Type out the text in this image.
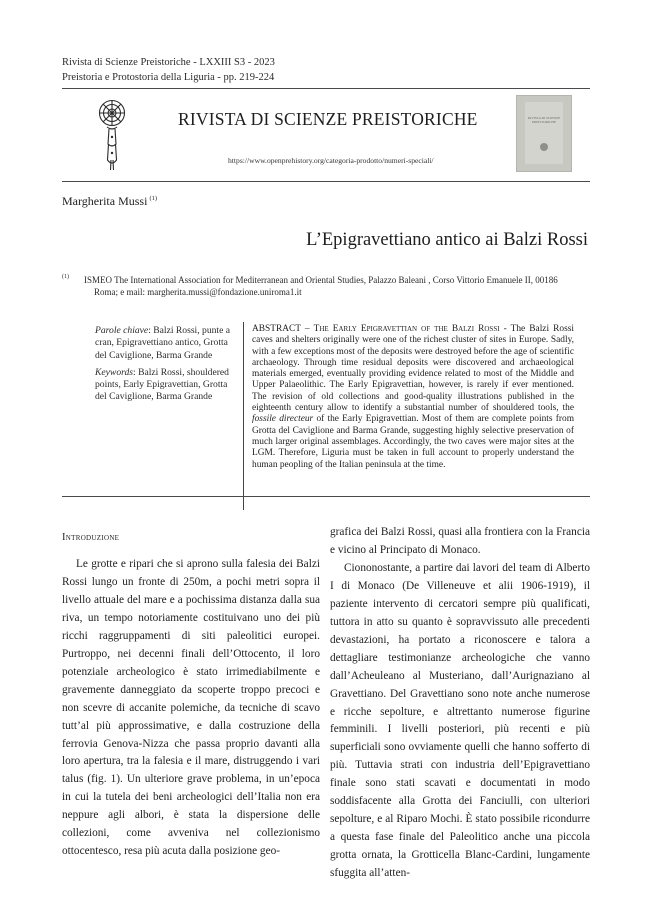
Rivista di Scienze Preistoriche - LXXIII S3 - 2023
Preistoria e Protostoria della Liguria - pp. 219-224
RIVISTA DI SCIENZE PREISTORICHE
https://www.openprehistory.org/categoria-prodotto/numeri-speciali/
RIVISTA DI SCIENZE PREISTORICHE
Margherita Mussi $^{(1)}$
L’Epigravettiano antico ai Balzi Rossi
(1)	ISMEO The International Association for Mediterranean and Oriental Studies, Palazzo Baleani , Corso Vittorio Emanuele II, 00186
Roma; e mail: margherita.mussi@fondazione.uniroma1.it
Parole chiave: Balzi Rossi, punte a cran, Epigravettiano antico, Grotta del Caviglione, Barma Grande
Keywords: Balzi Rossi, shouldered points, Early Epigravettian, Grotta del Caviglione, Barma Grande
ABSTRACT – The Early Epigravettian of the Balzi Rossi - The Balzi Rossi caves and shelters originally were one of the richest cluster of sites in Europe. Sadly, with a few exceptions most of the deposits were destroyed before the age of scientific archaeology. Through time residual deposits were discovered and archaeological materials emerged, eventually providing evidence related to most of the Middle and Upper Palaeolithic. The Early Epigravettian, however, is rarely if ever mentioned. The revision of old collections and good-quality illustrations published in the eighteenth century allow to identify a substantial number of shouldered tools, the fossile directeur of the Early Epigravettian. Most of them are complete points from Grotta del Caviglione and Barma Grande, suggesting highly selective preservation of much larger original assemblages. Accordingly, the two caves were major sites at the LGM. Therefore, Liguria must be taken in full account to properly understand the human peopling of the Italian peninsula at the time.
Introduzione

Le grotte e ripari che si aprono sulla falesia dei Balzi Rossi lungo un fronte di 250m, a pochi metri sopra il livello attuale del mare e a pochissima distanza dalla sua riva, un tempo notoriamente costituivano uno dei più ricchi raggruppamenti di siti paleolitici europei. Purtroppo, nei decenni finali dell’Ottocento, il loro potenziale archeologico è stato irrimediabilmente e gravemente danneggiato da scoperte troppo precoci e non scevre di accanite polemiche, da tecniche di scavo tutt’al più approssimative, e dalla costruzione della ferrovia Genova-Nizza che passa proprio davanti alla loro apertura, tra la falesia e il mare, distruggendo i vari talus (fig. 1). Un ulteriore grave problema, in un’epoca in cui la tutela dei beni archeologici dell’Italia non era neppure agli albori, è stata la dispersione delle collezioni, come avveniva nel collezionismo ottocentesco, resa più acuta dalla posizione geo-

grafica dei Balzi Rossi, quasi alla frontiera con la Francia e vicino al Principato di Monaco.

Ciononostante, a partire dai lavori del team di Alberto I di Monaco (De Villeneuve et alii 1906-1919), il paziente intervento di cercatori sempre più qualificati, tuttora in atto su quanto è sopravvissuto alle precedenti devastazioni, ha portato a riconoscere e talora a dettagliare testimonianze archeologiche che vanno dall’Acheuleano al Musteriano, dall’Aurignaziano al Gravettiano. Del Gravettiano sono note anche numerose e ricche sepolture, e altrettanto numerose figurine femminili. I livelli posteriori, più recenti e più superficiali sono ovviamente quelli che hanno sofferto di più. Tuttavia strati con industria dell’Epigravettiano finale sono stati scavati e documentati in modo soddisfacente alla Grotta dei Fanciulli, con ulteriori sepolture, e al Riparo Mochi. È stato possibile ricondurre a questa fase finale del Paleolitico anche una piccola grotta ornata, la Grotticella Blanc-Cardini, lungamente sfuggita all’atten-
